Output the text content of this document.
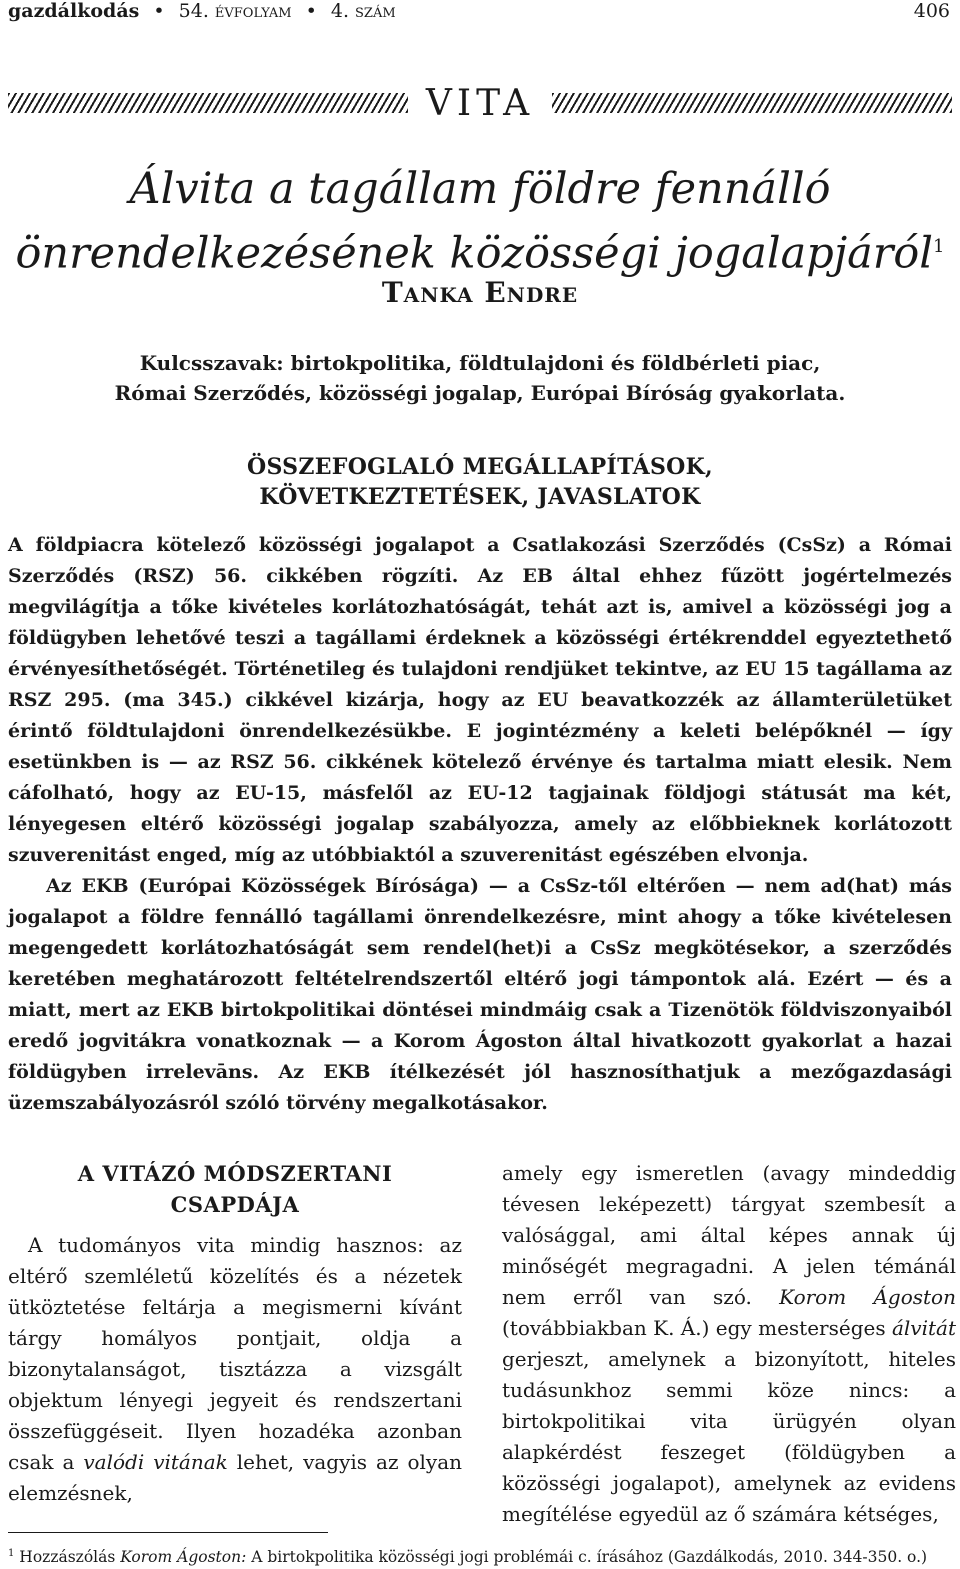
gazdálkodás • 54. évfolyam • 4. szám	406
VITA
Álvita a tagállam földre fennálló
önrendelkezésének közösségi jogalapjáról$^1$
Tanka Endre
Kulcsszavak: birtokpolitika, földtulajdoni és földbérleti piac,
Római Szerződés, közösségi jogalap, Európai Bíróság gyakorlata.
ÖSSZEFOGLALÓ MEGÁLLAPÍTÁSOK,
KÖVETKEZTETÉSEK, JAVASLATOK

A földpiacra kötelező közösségi jogalapot a Csatlakozási Szerződés (CsSz) a Római Szerződés (RSZ) 56. cikkében rögzíti. Az EB által ehhez fűzött jogértelmezés megvilágítja a tőke kivételes korlátozhatóságát, tehát azt is, amivel a közösségi jog a földügyben lehetővé teszi a tagállami érdeknek a közösségi értékrenddel egyeztethető érvényesíthetőségét. Történetileg és tulajdoni rendjüket tekintve, az EU 15 tagállama az RSZ 295. (ma 345.) cikkével kizárja, hogy az EU beavatkozzék az államterületüket érintő földtulajdoni önrendelkezésükbe. E jogintézmény a keleti belépőknél — így esetünkben is — az RSZ 56. cikkének kötelező érvénye és tartalma miatt elesik. Nem cáfolható, hogy az EU-15, másfelől az EU-12 tagjainak földjogi státusát ma két, lényegesen eltérő közösségi jogalap szabályozza, amely az előbbieknek korlátozott szuverenitást enged, míg az utóbbiaktól a szuverenitást egészében elvonja.

Az EKB (Európai Közösségek Bírósága) — a CsSz-től eltérően — nem ad(hat) más jogalapot a földre fennálló tagállami önrendelkezésre, mint ahogy a tőke kivételesen megengedett korlátozhatóságát sem rendel(het)i a CsSz megkötésekor, a szerződés keretében meghatározott feltételrendszertől eltérő jogi támpontok alá. Ezért — és a miatt, mert az EKB birtokpolitikai döntései mindmáig csak a Tizenötök földviszonyaiból eredő jogvitákra vonatkoznak — a Korom Ágoston által hivatkozott gyakorlat a hazai földügyben irrelevāns. Az EKB ítélkezését jól hasznosíthatjuk a mezőgazdasági üzemszabályozásról szóló törvény megalkotásakor.

A VITÁZÓ MÓDSZERTANI
CSAPDÁJA

A tudományos vita mindig hasznos: az eltérő szemléletű közelítés és a nézetek ütköztetése feltárja a megismerni kívánt tárgy homályos pontjait, oldja a bizonytalanságot, tisztázza a vizsgált objektum lényegi jegyeit és rendszertani összefüggéseit. Ilyen hozadéka azonban csak a valódi vitának lehet, vagyis az olyan elemzésnek,

amely egy ismeretlen (avagy mindeddig tévesen leképezett) tárgyat szembesít a valósággal, ami által képes annak új minőségét megragadni. A jelen témánál nem erről van szó. Korom Ágoston (továbbiakban K. Á.) egy mesterséges álvitát gerjeszt, amelynek a bizonyított, hiteles tudásunkhoz semmi köze nincs: a birtokpolitikai vita ürügyén olyan alapkérdést feszeget (földügyben a közösségi jogalapot), amelynek az evidens megítélése egyedül az ő számára kétséges,

$^1$ Hozzászólás Korom Ágoston: A birtokpolitika közösségi jogi problémái c. írásához (Gazdálkodás, 2010. 344-350. o.)
